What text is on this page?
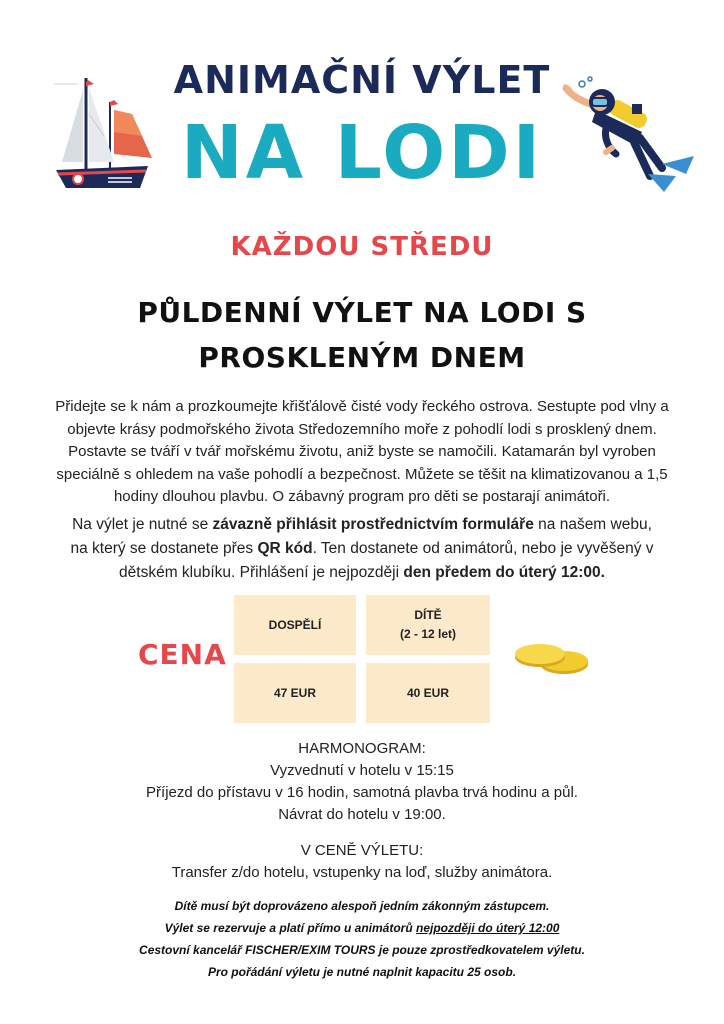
ANIMAČNÍ VÝLET
NA LODI
KAŽDOU STŘEDU
PŮLDENNÍ VÝLET NA LODI S
PROSKLENÝM DNEM
Přidejte se k nám a prozkoumejte křišťálově čisté vody řeckého ostrova. Sestupte pod vlny a
objevte krásy podmořského života Středozemního moře z pohodlí lodi s prosklený dnem.
Postavte se tváří v tvář mořskému životu, aniž byste se namočili. Katamarán byl vyroben
speciálně s ohledem na vaše pohodlí a bezpečnost. Můžete se těšit na klimatizovanou a 1,5
hodiny dlouhou plavbu. O zábavný program pro děti se postarají animátoři.
Na výlet je nutné se závazně přihlásit prostřednictvím formuláře na našem webu,
na který se dostanete přes QR kód. Ten dostanete od animátorů, nebo je vyvěšený v
dětském klubíku. Přihlášení je nejpozději den předem do úterý 12:00.
CENA
DOSPĚLÍ
DÍTĚ
(2 - 12 let)
47 EUR	40 EUR
HARMONOGRAM:
Vyzvednutí v hotelu v 15:15
Příjezd do přístavu v 16 hodin, samotná plavba trvá hodinu a půl.
Návrat do hotelu v 19:00.
V CENĚ VÝLETU:
Transfer z/do hotelu, vstupenky na loď, služby animátora.
Dítě musí být doprovázeno alespoň jedním zákonným zástupcem.
Výlet se rezervuje a platí přímo u animátorů nejpozději do úterý 12:00
Cestovní kancelář FISCHER/EXIM TOURS je pouze zprostředkovatelem výletu.
Pro pořádání výletu je nutné naplnit kapacitu 25 osob.
